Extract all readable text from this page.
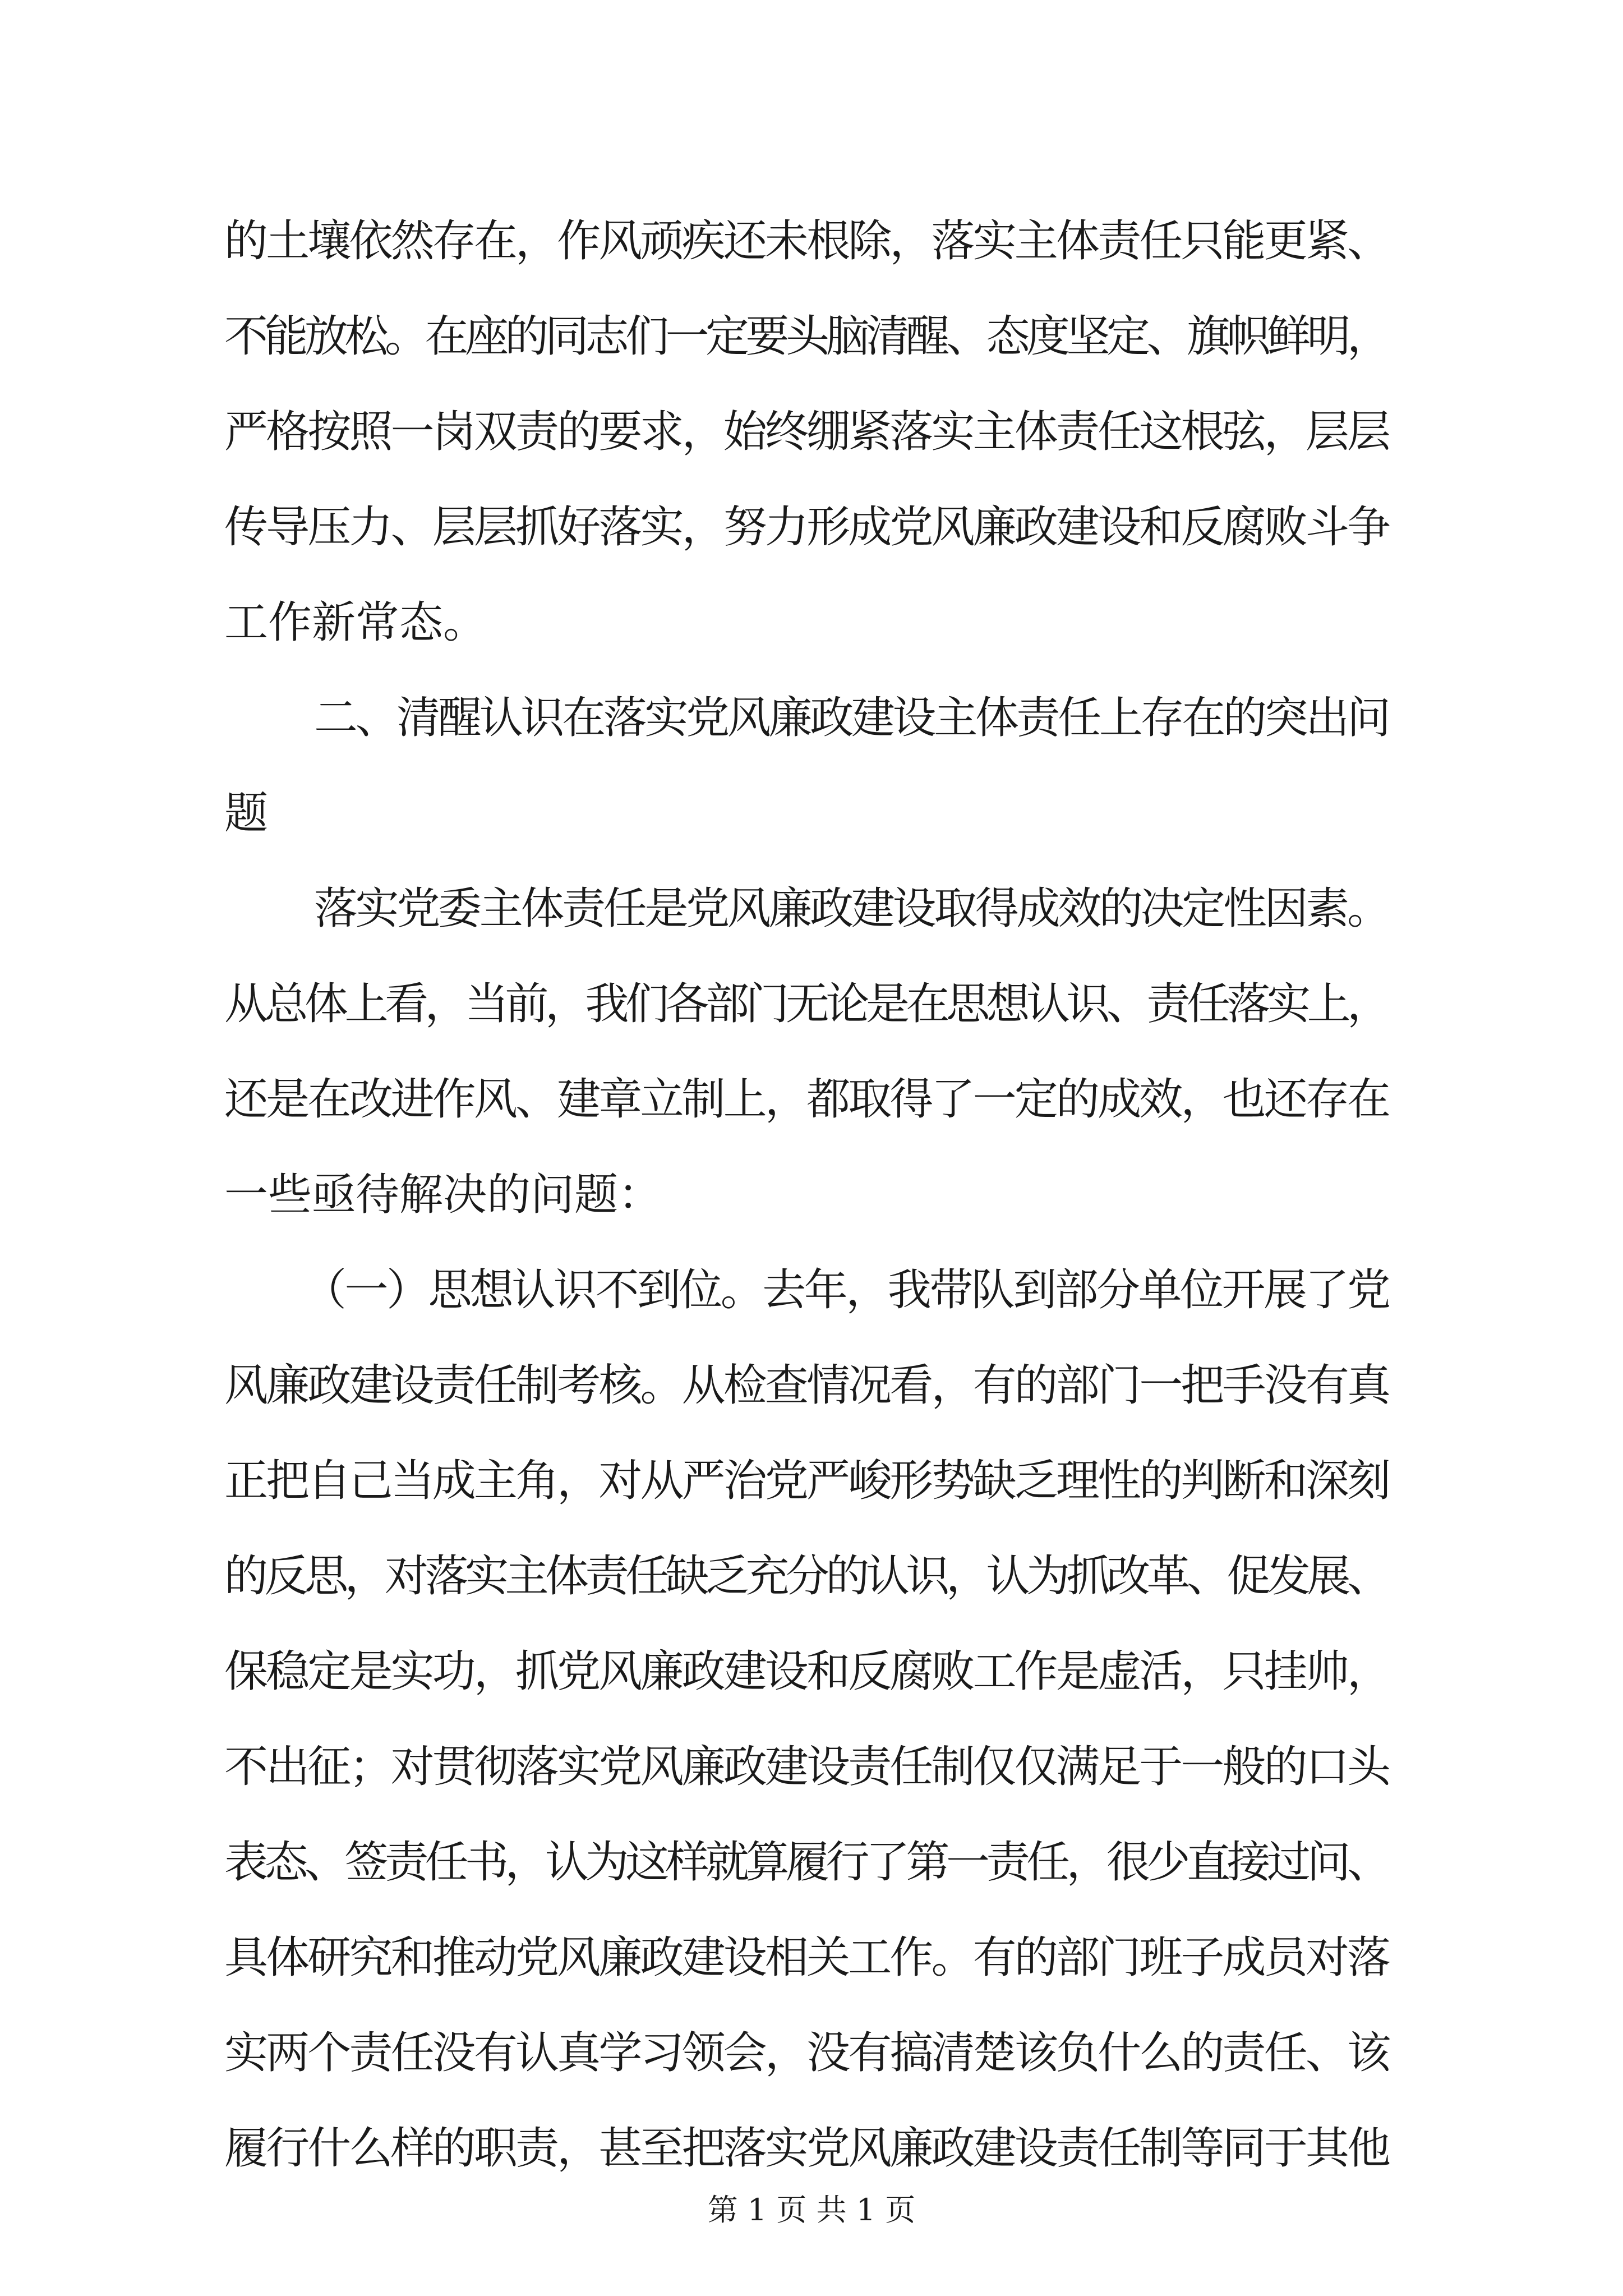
的土壤依然存在，作风顽疾还未根除，落实主体责任只能更紧、
不能放松。在座的同志们一定要头脑清醒、态度坚定、旗帜鲜明，
严格按照一岗双责的要求，始终绷紧落实主体责任这根弦，层层
传导压力、层层抓好落实，努力形成党风廉政建设和反腐败斗争
工作新常态。
二、清醒认识在落实党风廉政建设主体责任上存在的突出问
题
落实党委主体责任是党风廉政建设取得成效的决定性因素。
从总体上看，当前，我们各部门无论是在思想认识、责任落实上，
还是在改进作风、建章立制上，都取得了一定的成效，也还存在
一些亟待解决的问题：
（一）思想认识不到位。去年，我带队到部分单位开展了党
风廉政建设责任制考核。从检查情况看，有的部门一把手没有真
正把自己当成主角，对从严治党严峻形势缺乏理性的判断和深刻
的反思，对落实主体责任缺乏充分的认识，认为抓改革、促发展、
保稳定是实功，抓党风廉政建设和反腐败工作是虚活，只挂帅，
不出征；对贯彻落实党风廉政建设责任制仅仅满足于一般的口头
表态、签责任书，认为这样就算履行了第一责任，很少直接过问、
具体研究和推动党风廉政建设相关工作。有的部门班子成员对落
实两个责任没有认真学习领会，没有搞清楚该负什么的责任、该
履行什么样的职责，甚至把落实党风廉政建设责任制等同于其他
第 1 页 共 1 页
